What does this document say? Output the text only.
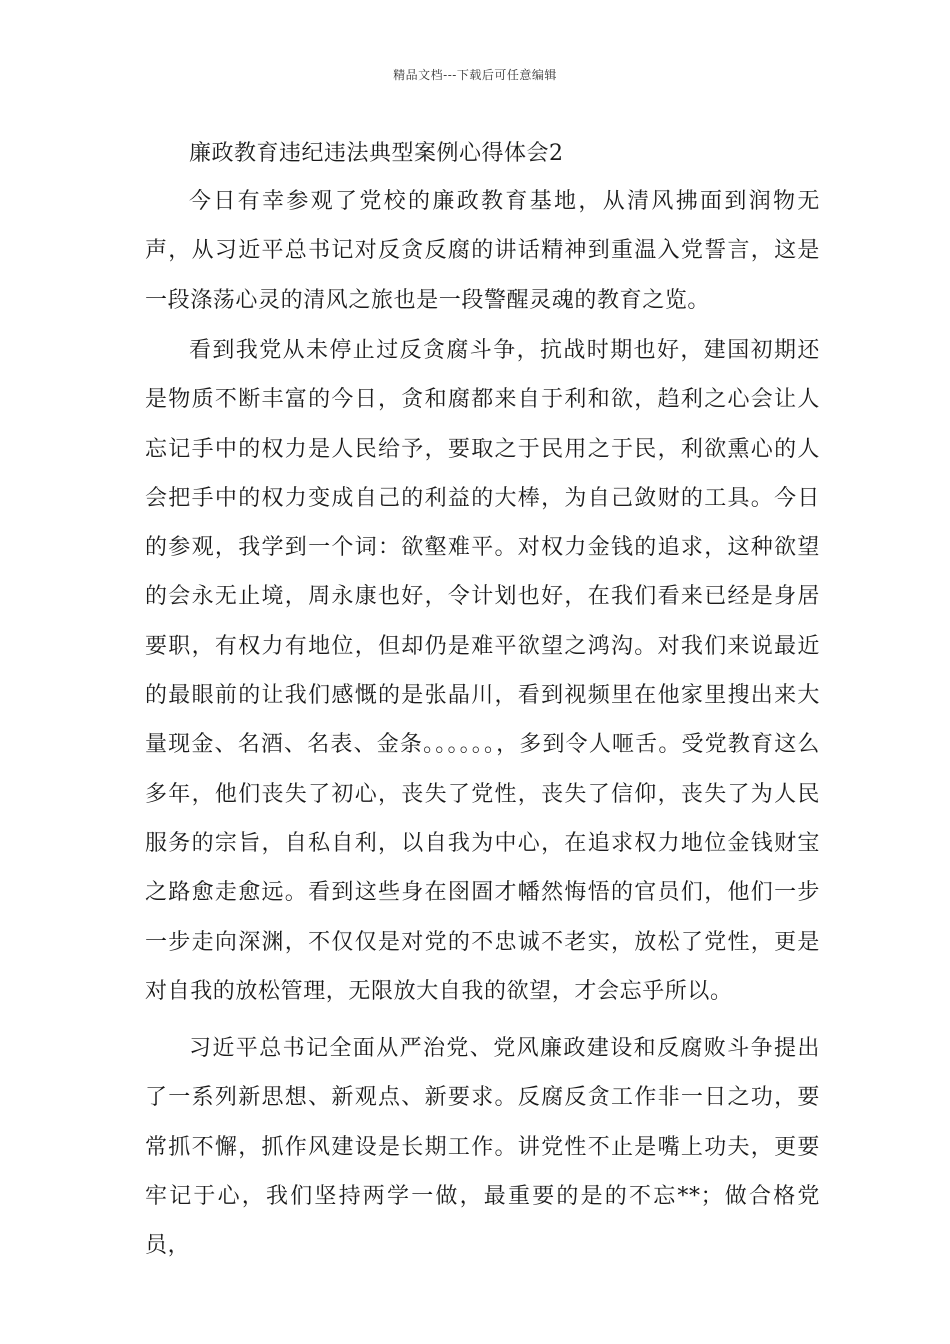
精品文档---下载后可任意编辑
廉政教育违纪违法典型案例心得体会2

今日有幸参观了党校的廉政教育基地，从清风拂面到润物无声，从习近平总书记对反贪反腐的讲话精神到重温入党誓言，这是一段涤荡心灵的清风之旅也是一段警醒灵魂的教育之览。

看到我党从未停止过反贪腐斗争，抗战时期也好，建国初期还是物质不断丰富的今日，贪和腐都来自于利和欲，趋利之心会让人忘记手中的权力是人民给予，要取之于民用之于民，利欲熏心的人会把手中的权力变成自己的利益的大棒，为自己敛财的工具。今日的参观，我学到一个词：欲壑难平。对权力金钱的追求，这种欲望的会永无止境，周永康也好，令计划也好，在我们看来已经是身居要职，有权力有地位，但却仍是难平欲望之鸿沟。对我们来说最近的最眼前的让我们感慨的是张晶川，看到视频里在他家里搜出来大量现金、名酒、名表、金条。。。。。。，多到令人咂舌。受党教育这么多年，他们丧失了初心，丧失了党性，丧失了信仰，丧失了为人民服务的宗旨，自私自利，以自我为中心，在追求权力地位金钱财宝之路愈走愈远。看到这些身在囹圄才幡然悔悟的官员们，他们一步一步走向深渊，不仅仅是对党的不忠诚不老实，放松了党性，更是对自我的放松管理，无限放大自我的欲望，才会忘乎所以。

习近平总书记全面从严治党、党风廉政建设和反腐败斗争提出了一系列新思想、新观点、新要求。反腐反贪工作非一日之功，要常抓不懈，抓作风建设是长期工作。讲党性不止是嘴上功夫，更要牢记于心，我们坚持两学一做，最重要的是的不忘**；做合格党员，
